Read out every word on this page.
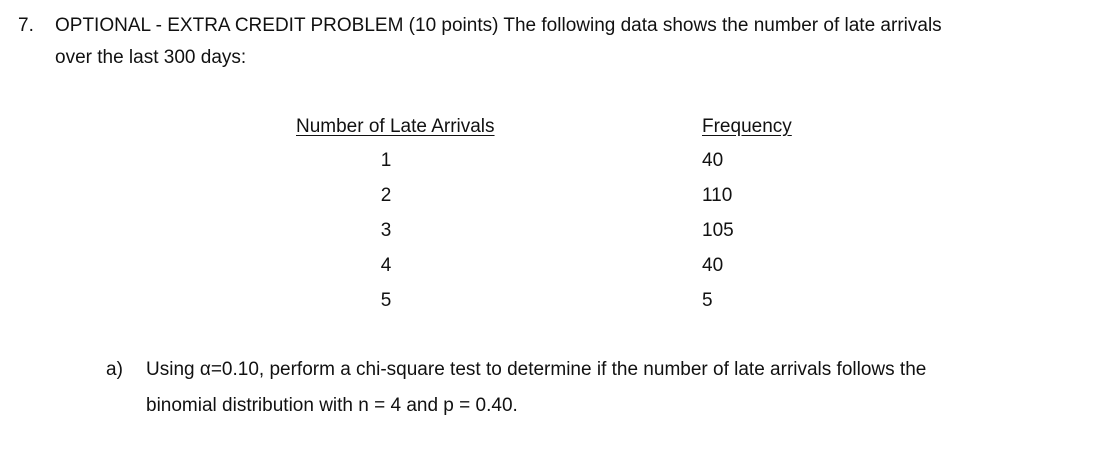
7. OPTIONAL - EXTRA CREDIT PROBLEM (10 points) The following data shows the number of late arrivals
over the last 300 days:
Number of Late Arrivals	Frequency
1	40
2	110
3	105
4	40
5	5
a) Using α=0.10, perform a chi-square test to determine if the number of late arrivals follows the
binomial distribution with n = 4 and p = 0.40.
